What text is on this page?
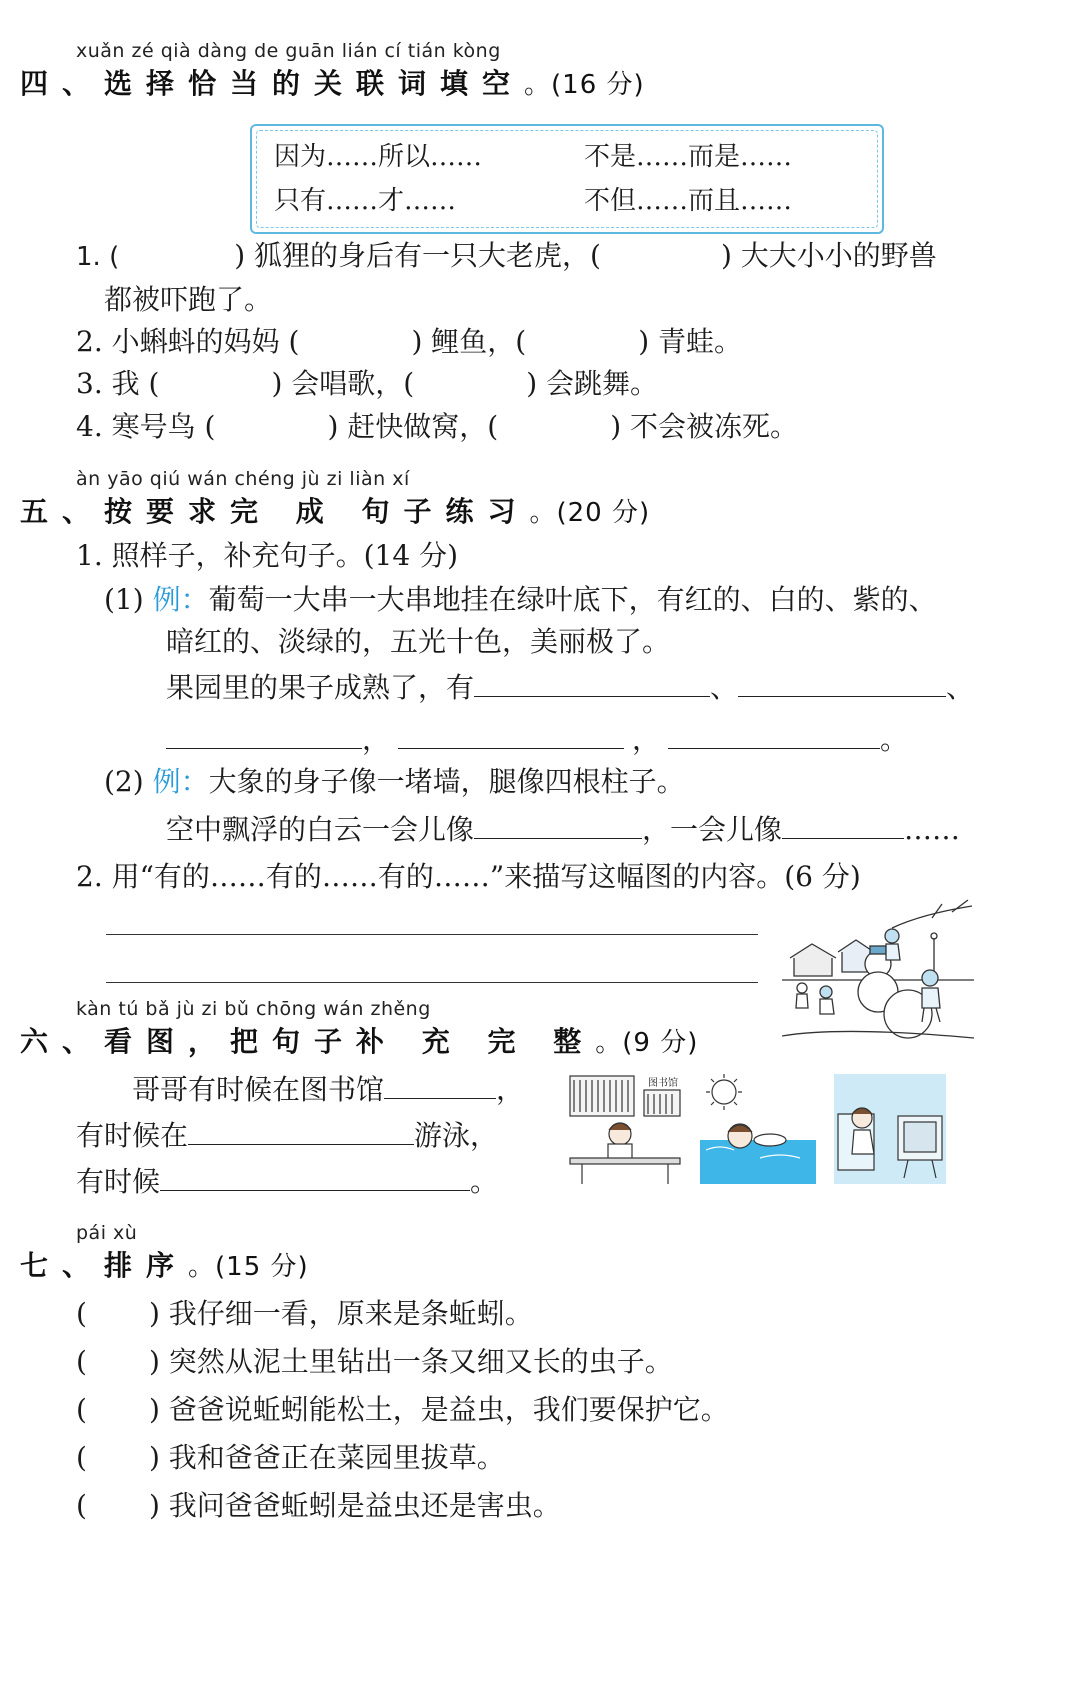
xuǎn zé qià dàng de guān lián cí tián kòng
四、选择恰当的关联词填空。(16 分)
因为……所以……	不是……而是……
只有……才……	不但……而且……
1. (	) 狐狸的身后有一只大老虎，(	) 大大小小的野兽
都被吓跑了。
2. 小蝌蚪的妈妈 (	) 鲤鱼，(	) 青蛙。
3. 我 (	) 会唱歌，(	) 会跳舞。
4. 寒号鸟 (	) 赶快做窝，(	) 不会被冻死。
àn yāo qiú wán chéng jù zi liàn xí
五、按要求完 成 句子练习。(20 分)
1. 照样子，补充句子。(14 分)
(1) 例：葡萄一大串一大串地挂在绿叶底下，有红的、白的、紫的、
暗红的、淡绿的，五光十色，美丽极了。
果园里的果子成熟了，有	、	、
，	，	。
(2) 例：大象的身子像一堵墙，腿像四根柱子。
空中飘浮的白云一会儿像	，一会儿像	……
2. 用“有的……有的……有的……”来描写这幅图的内容。(6 分)
kàn tú bǎ jù zi bǔ chōng wán zhěng
六、看图，把句子补 充 完 整。(9 分)
哥哥有时候在图书馆	，
有时候在	游泳，
有时候	。
图书馆
pái xù
七、排序。(15 分)
( ) 我仔细一看，原来是条蚯蚓。
( ) 突然从泥土里钻出一条又细又长的虫子。
( ) 爸爸说蚯蚓能松土，是益虫，我们要保护它。
( ) 我和爸爸正在菜园里拔草。
( ) 我问爸爸蚯蚓是益虫还是害虫。
